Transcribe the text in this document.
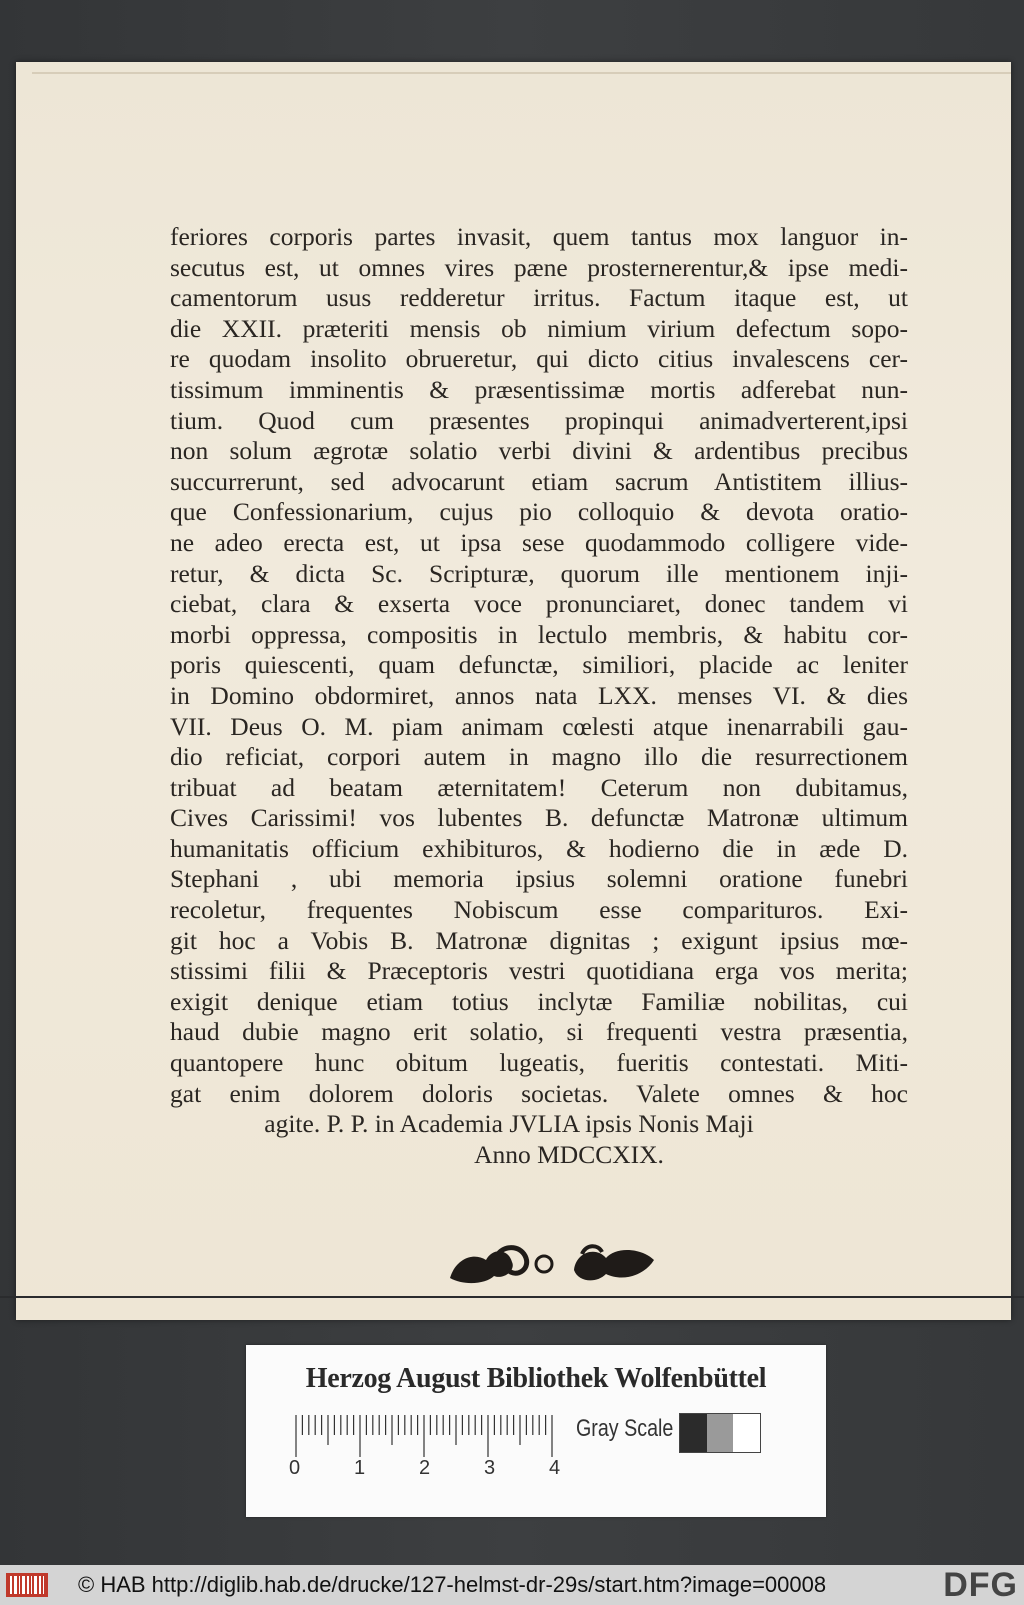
feriores corporis partes invasit, quem tantus mox languor in-
secutus est, ut omnes vires pæne prosternerentur,& ipse medi-
camentorum usus redderetur irritus. Factum itaque est, ut
die XXII. præteriti mensis ob nimium virium defectum sopo-
re quodam insolito obrueretur, qui dicto citius invalescens cer-
tissimum imminentis & præsentissimæ mortis adferebat nun-
tium. Quod cum præsentes propinqui animadverterent,ipsi
non solum ægrotæ solatio verbi divini & ardentibus precibus
succurrerunt, sed advocarunt etiam sacrum Antistitem illius-
que Confessionarium, cujus pio colloquio & devota oratio-
ne adeo erecta est, ut ipsa sese quodammodo colligere vide-
retur, & dicta Sc. Scripturæ, quorum ille mentionem inji-
ciebat, clara & exserta voce pronunciaret, donec tandem vi
morbi oppressa, compositis in lectulo membris, & habitu cor-
poris quiescenti, quam defunctæ, similiori, placide ac leniter
in Domino obdormiret, annos nata LXX. menses VI. & dies
VII. Deus O. M. piam animam cœlesti atque inenarrabili gau-
dio reficiat, corpori autem in magno illo die resurrectionem
tribuat ad beatam æternitatem! Ceterum non dubitamus,
Cives Carissimi! vos lubentes B. defunctæ Matronæ ultimum
humanitatis officium exhibituros, & hodierno die in æde D.
Stephani , ubi memoria ipsius solemni oratione funebri
recoletur, frequentes Nobiscum esse comparituros. Exi-
git hoc a Vobis B. Matronæ dignitas ; exigunt ipsius mœ-
stissimi filii & Præceptoris vestri quotidiana erga vos merita;
exigit denique etiam totius inclytæ Familiæ nobilitas, cui
haud dubie magno erit solatio, si frequenti vestra præsentia,
quantopere hunc obitum lugeatis, fueritis contestati. Miti-
gat enim dolorem doloris societas. Valete omnes & hoc
agite. P. P. in Academia JVLIA ipsis Nonis Maji
Anno MDCCXIX.
Herzog August Bibliothek Wolfenbüttel
0	1	2	3	4
Gray Scale
© HAB http://diglib.hab.de/drucke/127-helmst-dr-29s/start.htm?image=00008	DFG
